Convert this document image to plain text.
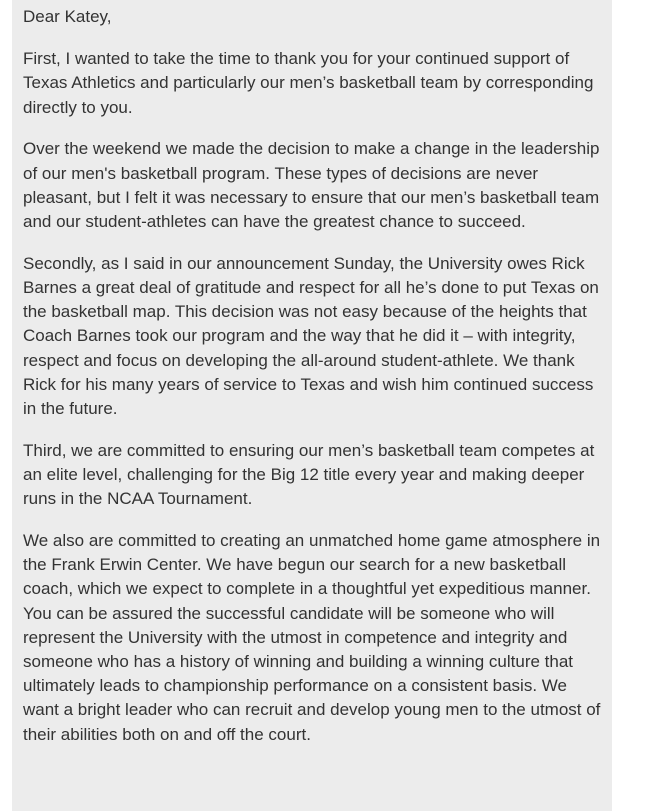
Dear Katey,

First, I wanted to take the time to thank you for your continued support of Texas Athletics and particularly our men’s basketball team by corresponding directly to you.

Over the weekend we made the decision to make a change in the leadership of our men's basketball program. These types of decisions are never pleasant, but I felt it was necessary to ensure that our men’s basketball team and our student-athletes can have the greatest chance to succeed.

Secondly, as I said in our announcement Sunday, the University owes Rick Barnes a great deal of gratitude and respect for all he’s done to put Texas on the basketball map. This decision was not easy because of the heights that Coach Barnes took our program and the way that he did it – with integrity, respect and focus on developing the all-around student-athlete. We thank Rick for his many years of service to Texas and wish him continued success in the future.

Third, we are committed to ensuring our men’s basketball team competes at an elite level, challenging for the Big 12 title every year and making deeper runs in the NCAA Tournament.

We also are committed to creating an unmatched home game atmosphere in the Frank Erwin Center. We have begun our search for a new basketball coach, which we expect to complete in a thoughtful yet expeditious manner. You can be assured the successful candidate will be someone who will represent the University with the utmost in competence and integrity and someone who has a history of winning and building a winning culture that ultimately leads to championship performance on a consistent basis. We want a bright leader who can recruit and develop young men to the utmost of their abilities both on and off the court.
